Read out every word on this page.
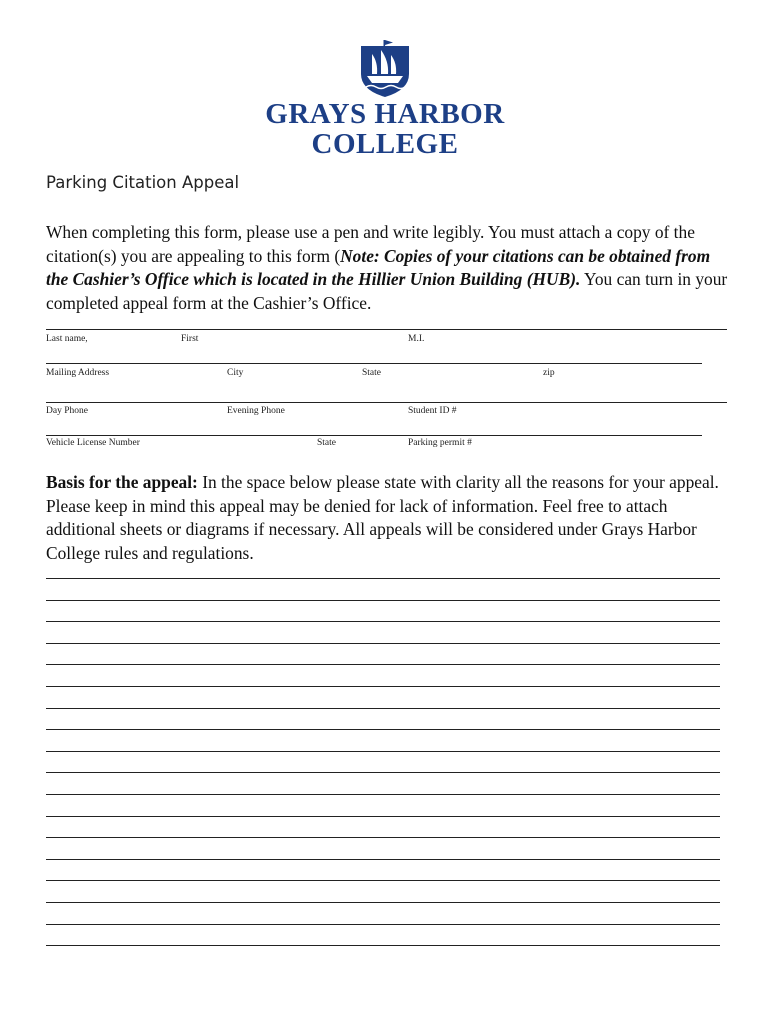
GRAYS HARBOR
COLLEGE
Parking Citation Appeal

When completing this form, please use a pen and write legibly. You must attach a copy of the citation(s) you are appealing to this form (Note: Copies of your citations can be obtained from the Cashier’s Office which is located in the Hillier Union Building (HUB). You can turn in your completed appeal form at the Cashier’s Office.

Last name,	First	M.I.
Mailing Address	City	State	zip
Day Phone	Evening Phone	Student ID #
Vehicle License Number	State	Parking permit #

Basis for the appeal: In the space below please state with clarity all the reasons for your appeal. Please keep in mind this appeal may be denied for lack of information. Feel free to attach additional sheets or diagrams if necessary. All appeals will be considered under Grays Harbor College rules and regulations.
